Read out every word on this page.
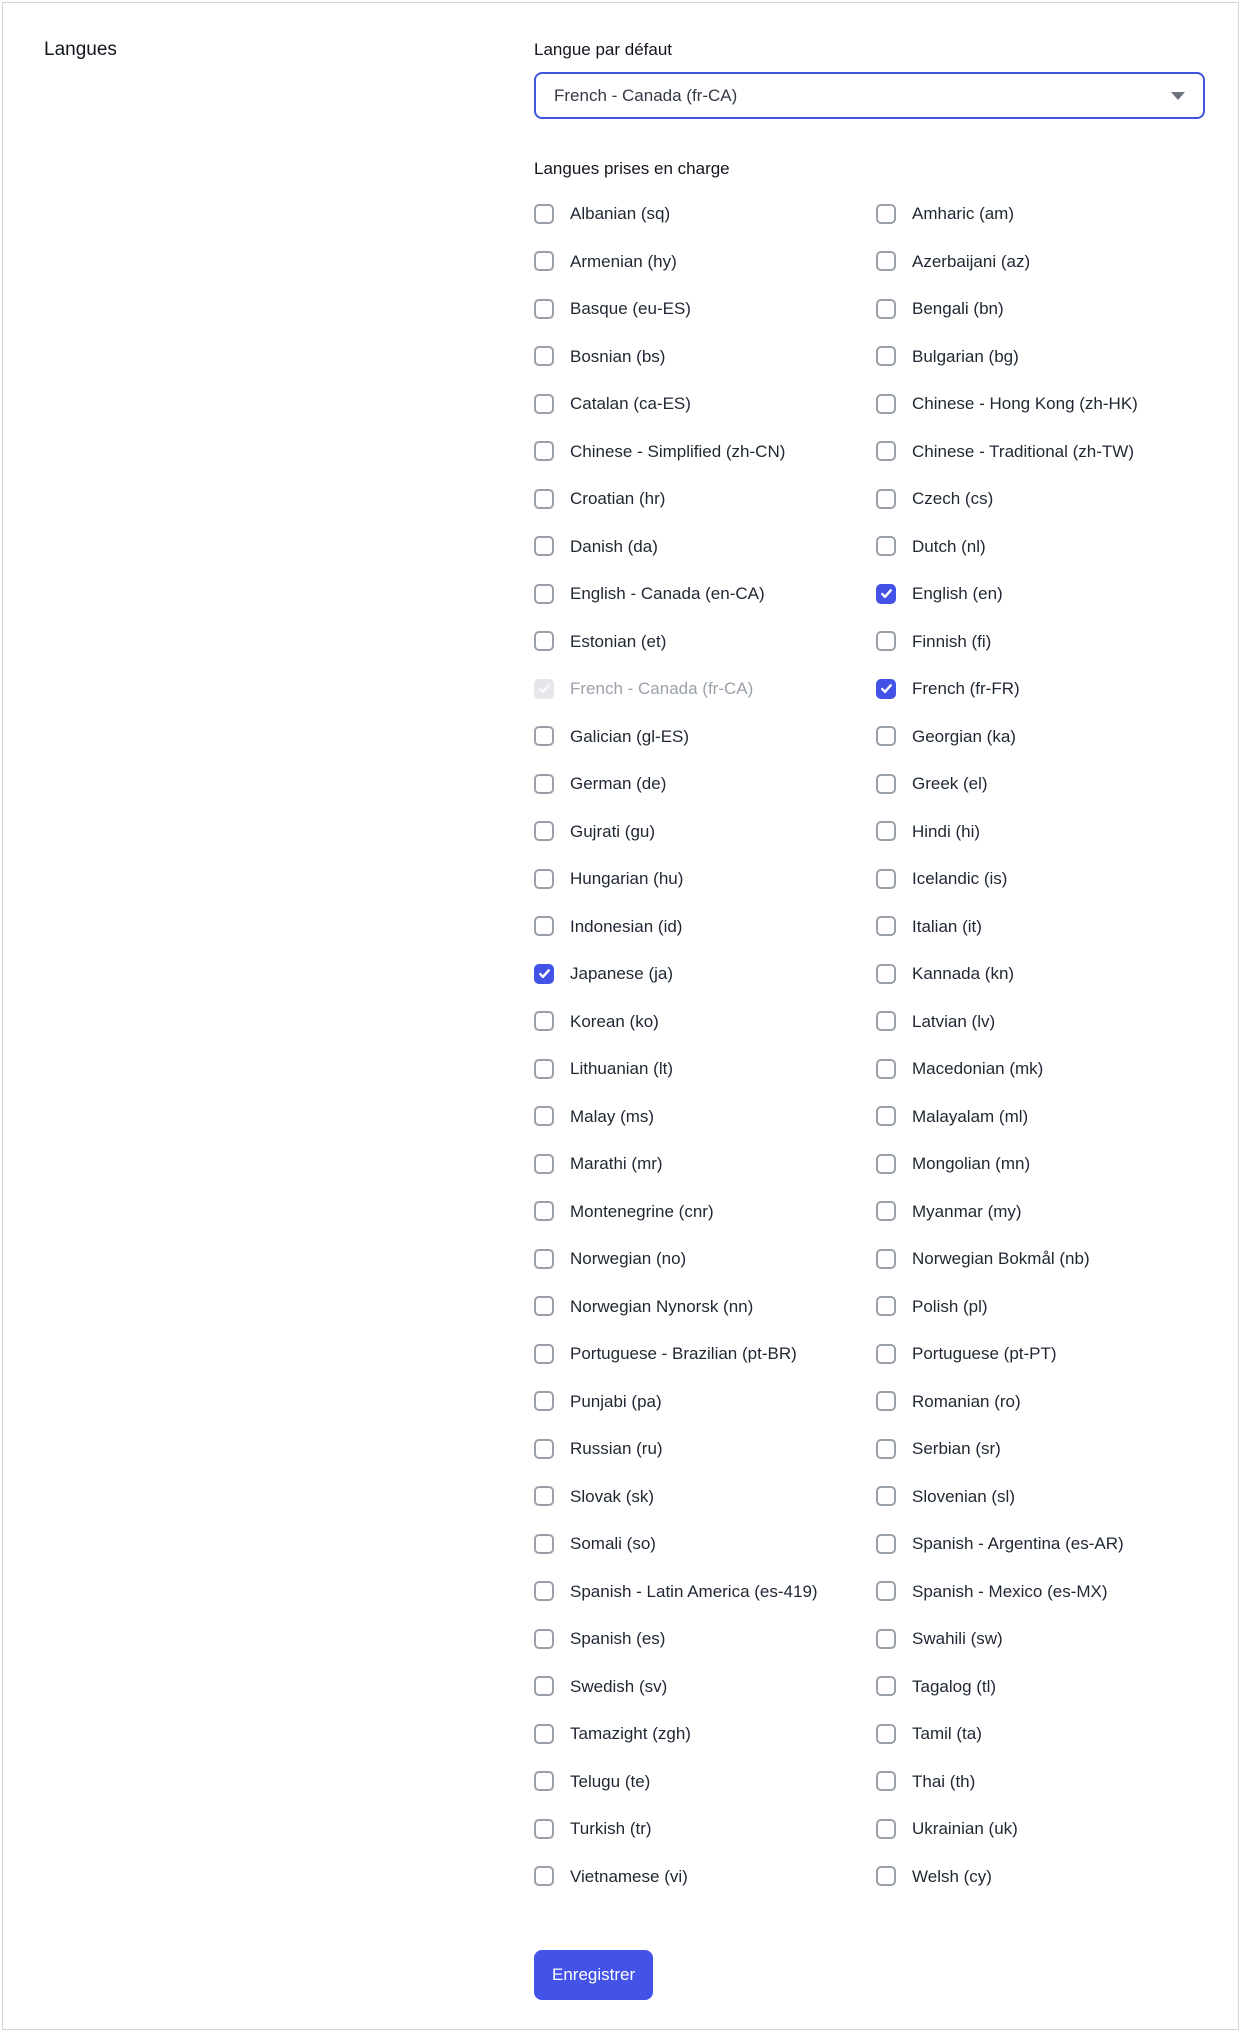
Langues	Langue par défaut
French - Canada (fr-CA)
Langues prises en charge
Albanian (sq)
Armenian (hy)
Basque (eu-ES)
Bosnian (bs)
Catalan (ca-ES)
Chinese - Simplified (zh-CN)
Croatian (hr)
Danish (da)
English - Canada (en-CA)
Estonian (et)
French - Canada (fr-CA)
Galician (gl-ES)
German (de)
Gujrati (gu)
Hungarian (hu)
Indonesian (id)
Japanese (ja)
Korean (ko)
Lithuanian (lt)
Malay (ms)
Marathi (mr)
Montenegrine (cnr)
Norwegian (no)
Norwegian Nynorsk (nn)
Portuguese - Brazilian (pt-BR)
Punjabi (pa)
Russian (ru)
Slovak (sk)
Somali (so)
Spanish - Latin America (es-419)
Spanish (es)
Swedish (sv)
Tamazight (zgh)
Telugu (te)
Turkish (tr)
Vietnamese (vi)
Amharic (am)
Azerbaijani (az)
Bengali (bn)
Bulgarian (bg)
Chinese - Hong Kong (zh-HK)
Chinese - Traditional (zh-TW)
Czech (cs)
Dutch (nl)
English (en)
Finnish (fi)
French (fr-FR)
Georgian (ka)
Greek (el)
Hindi (hi)
Icelandic (is)
Italian (it)
Kannada (kn)
Latvian (lv)
Macedonian (mk)
Malayalam (ml)
Mongolian (mn)
Myanmar (my)
Norwegian Bokmål (nb)
Polish (pl)
Portuguese (pt-PT)
Romanian (ro)
Serbian (sr)
Slovenian (sl)
Spanish - Argentina (es-AR)
Spanish - Mexico (es-MX)
Swahili (sw)
Tagalog (tl)
Tamil (ta)
Thai (th)
Ukrainian (uk)
Welsh (cy)
Enregistrer
